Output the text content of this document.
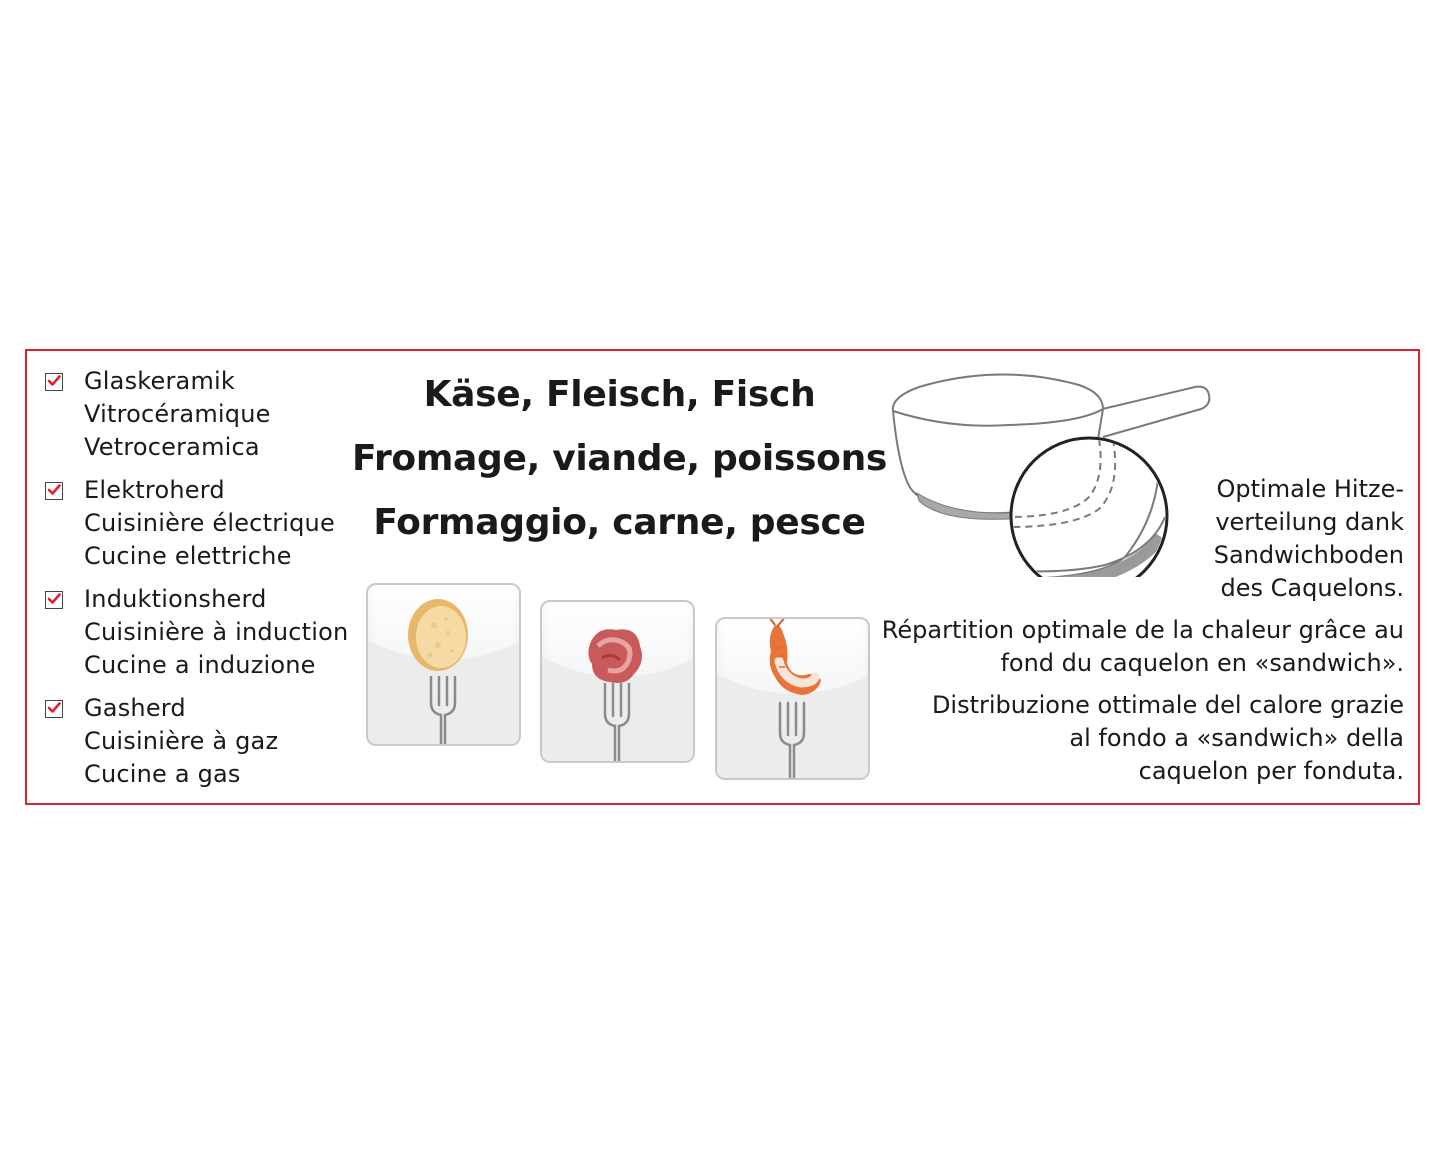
Glaskeramik
Vitrocéramique
Vetroceramica
Elektroherd
Cuisinière électrique
Cucine elettriche
Induktionsherd
Cuisinière à induction
Cucine a induzione
Gasherd
Cuisinière à gaz
Cucine a gas
Käse, Fleisch, Fisch
Fromage, viande, poissons
Formaggio, carne, pesce
Optimale Hitze-
verteilung dank
Sandwichboden
des Caquelons.
Répartition optimale de la chaleur grâce au
fond du caquelon en «sandwich».
Distribuzione ottimale del calore grazie
al fondo a «sandwich» della
caquelon per fonduta.
